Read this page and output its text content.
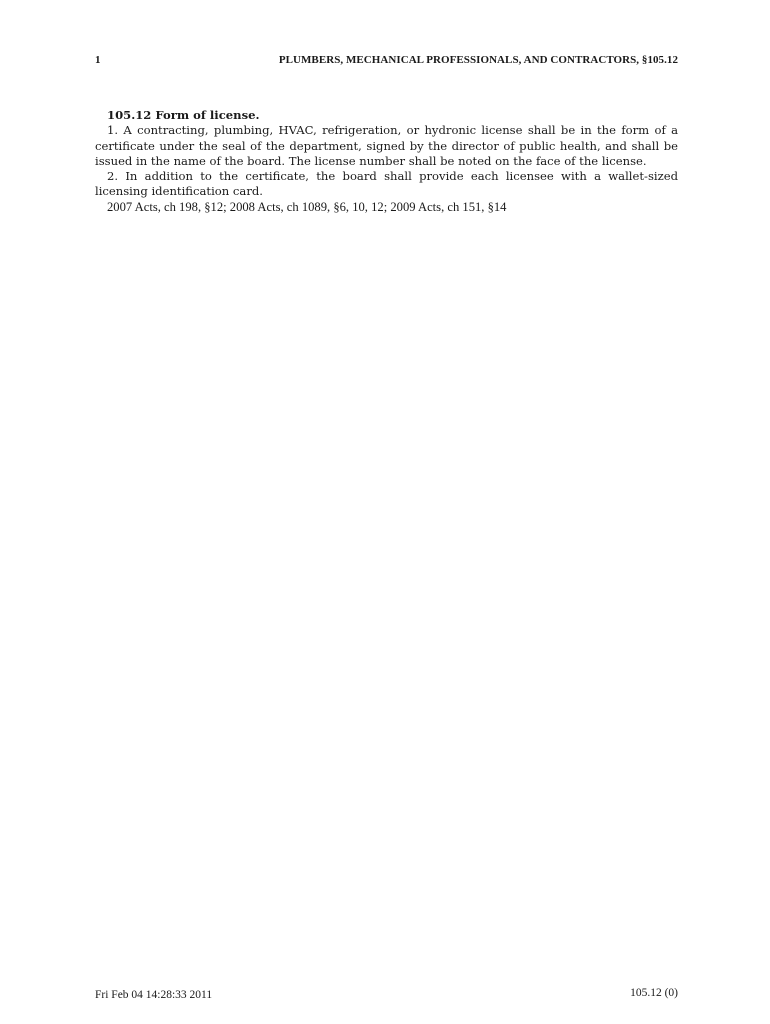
1	PLUMBERS, MECHANICAL PROFESSIONALS, AND CONTRACTORS, §105.12

105.12 Form of license.

1. A contracting, plumbing, HVAC, refrigeration, or hydronic license shall be in the form of a certificate under the seal of the department, signed by the director of public health, and shall be issued in the name of the board. The license number shall be noted on the face of the license.

2. In addition to the certificate, the board shall provide each licensee with a wallet-sized licensing identification card.

2007 Acts, ch 198, §12; 2008 Acts, ch 1089, §6, 10, 12; 2009 Acts, ch 151, §14

Fri Feb 04 14:28:33 2011	105.12 (0)
